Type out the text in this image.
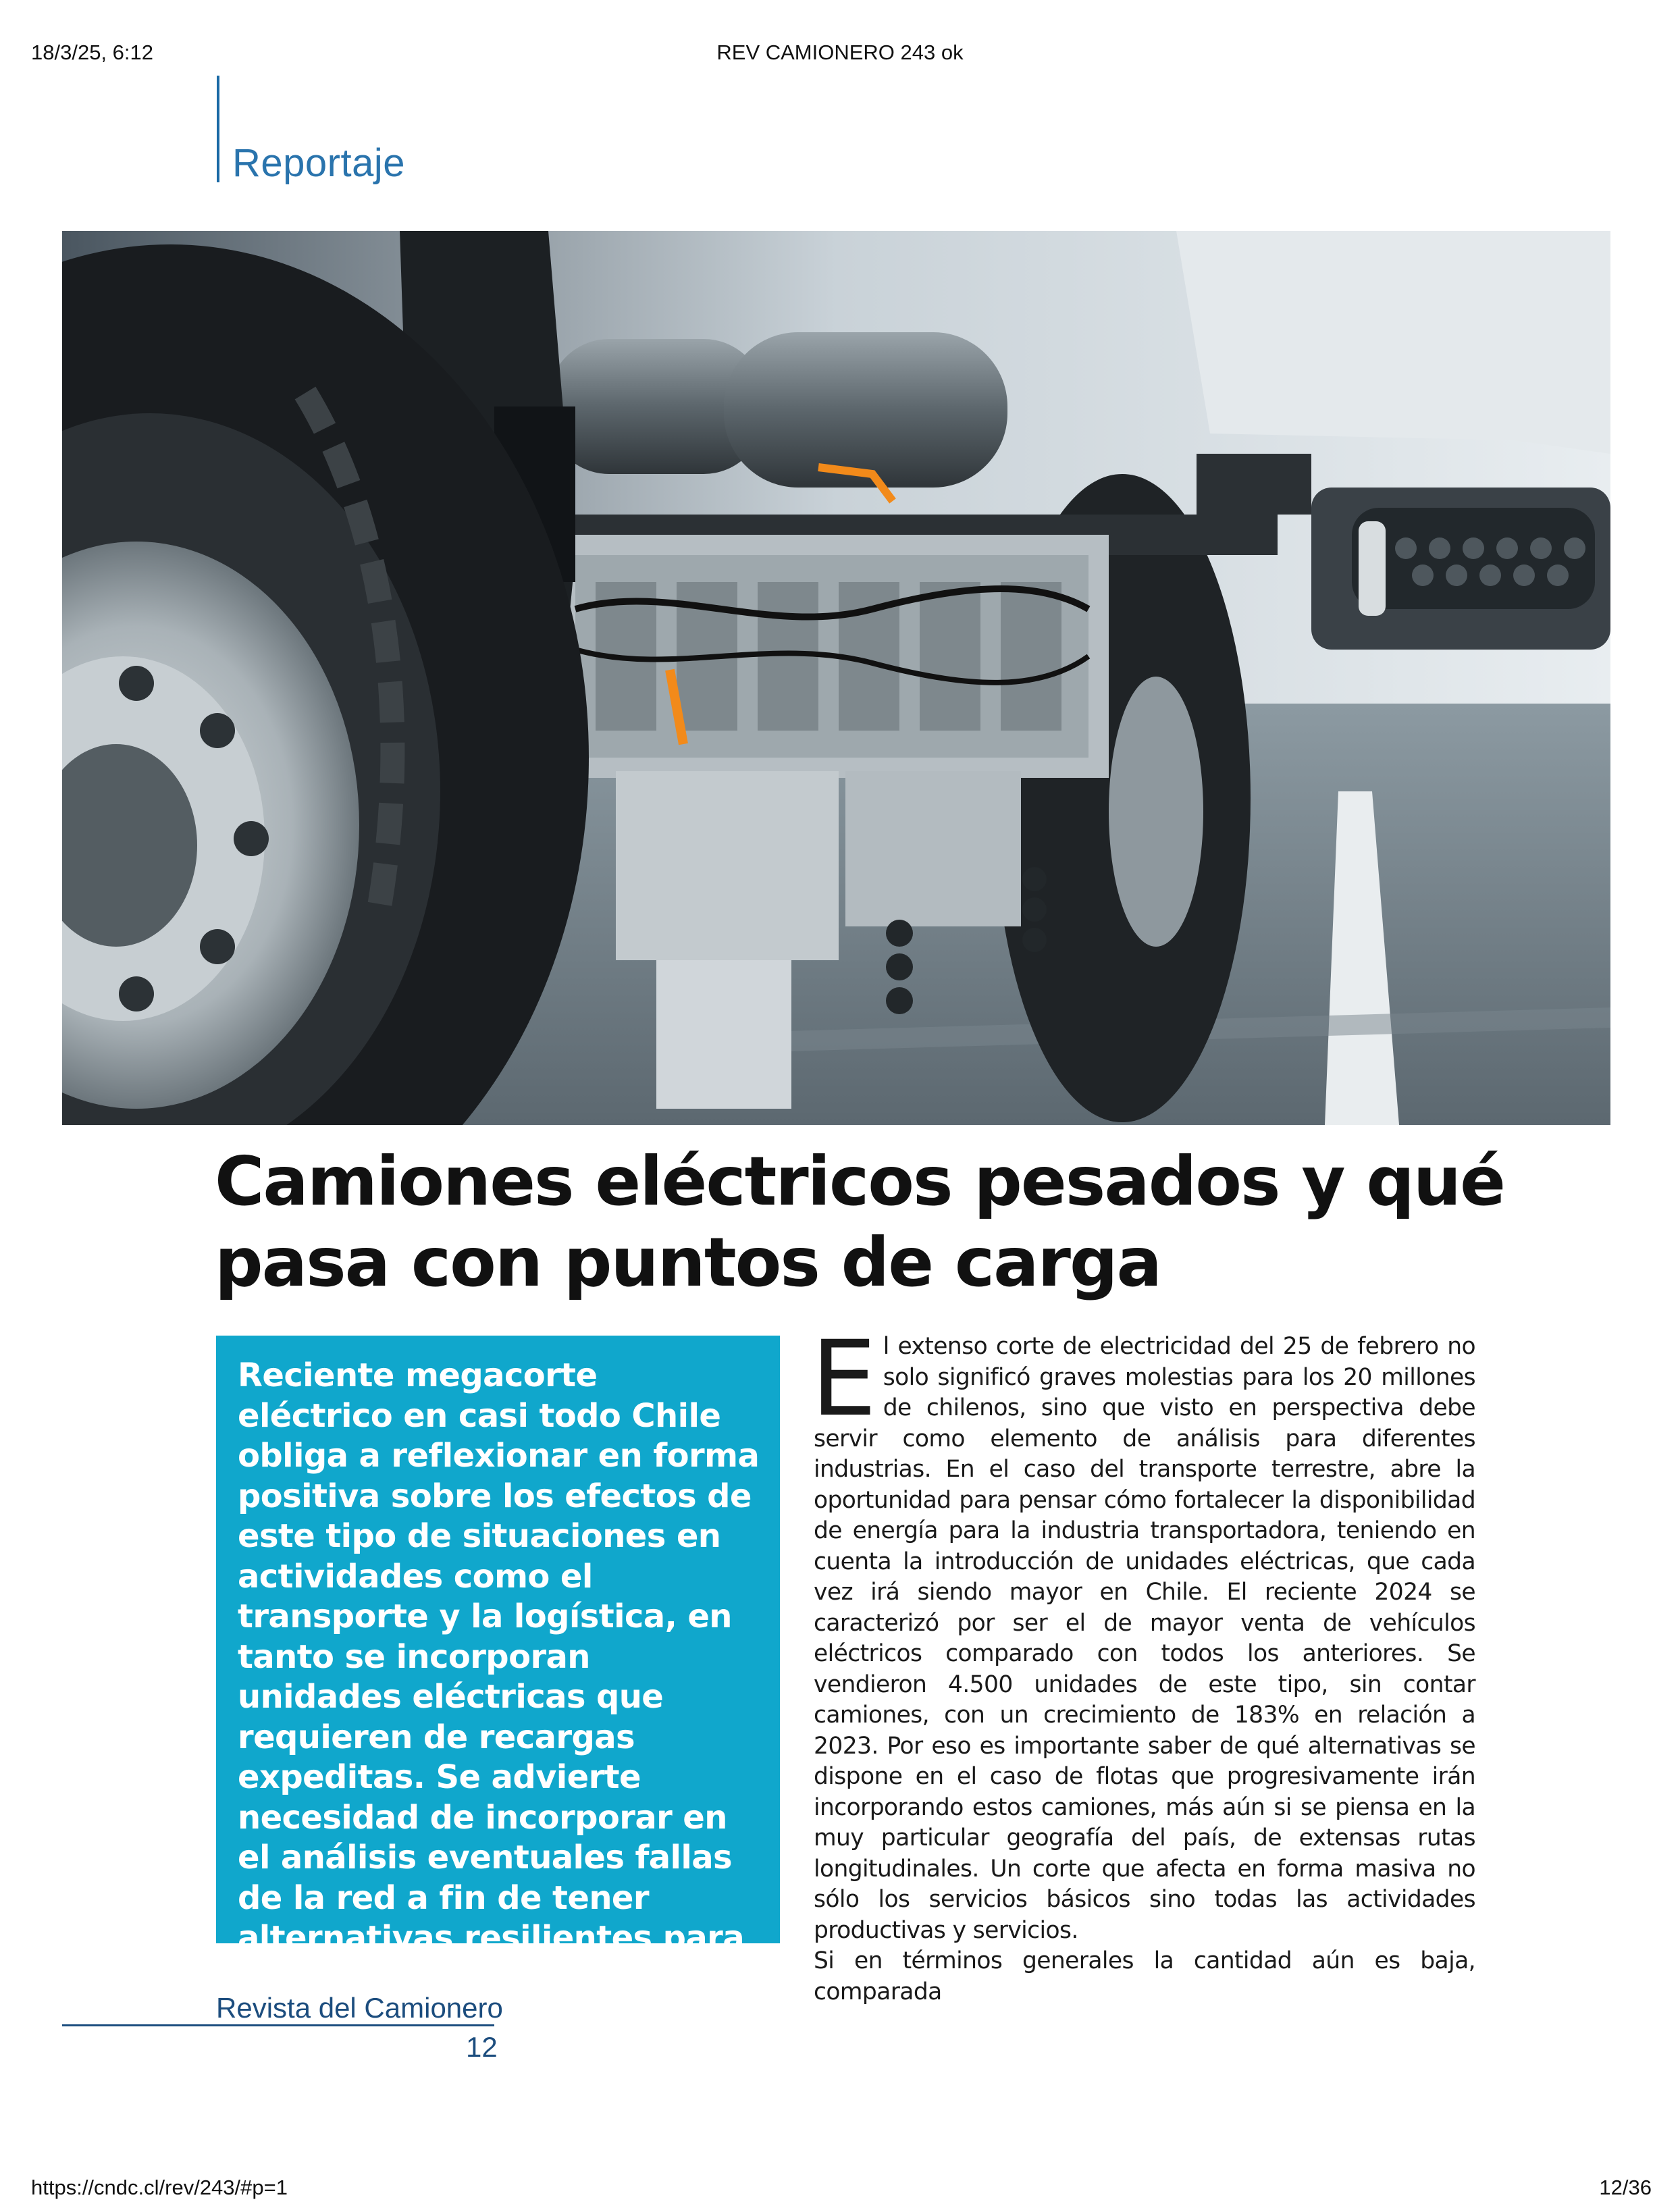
18/3/25, 6:12	REV CAMIONERO 243 ok
Reportaje
Camiones eléctricos pesados y qué pasa con puntos de carga

Reciente megacorte eléctrico en casi todo Chile obliga a reflexionar en forma positiva sobre los efectos de este tipo de situaciones en actividades como el transporte y la logística, en tanto se incorporan unidades eléctricas que requieren de recargas expeditas. Se advierte necesidad de incorporar en el análisis eventuales fallas de la red a fin de tener alternativas resilientes para la industria.

El extenso corte de electricidad del 25 de febrero no solo significó graves molestias para los 20 millones de chilenos, sino que visto en perspectiva debe servir como elemento de análisis para diferentes industrias. En el caso del transporte terrestre, abre la oportunidad para pensar cómo fortalecer la disponibilidad de energía para la industria transportadora, teniendo en cuenta la introducción de unidades eléctricas, que cada vez irá siendo mayor en Chile. El reciente 2024 se caracterizó por ser el de mayor venta de vehículos eléctricos comparado con todos los anteriores. Se vendieron 4.500 unidades de este tipo, sin contar camiones, con un crecimiento de 183% en relación a 2023. Por eso es importante saber de qué alternativas se dispone en el caso de flotas que progresivamente irán incorporando estos camiones, más aún si se piensa en la muy particular geografía del país, de extensas rutas longitudinales. Un corte que afecta en forma masiva no sólo los servicios básicos sino todas las actividades productivas y servicios.

Si en términos generales la cantidad aún es baja, comparada

Revista del Camionero
12
https://cndc.cl/rev/243/#p=1	12/36
